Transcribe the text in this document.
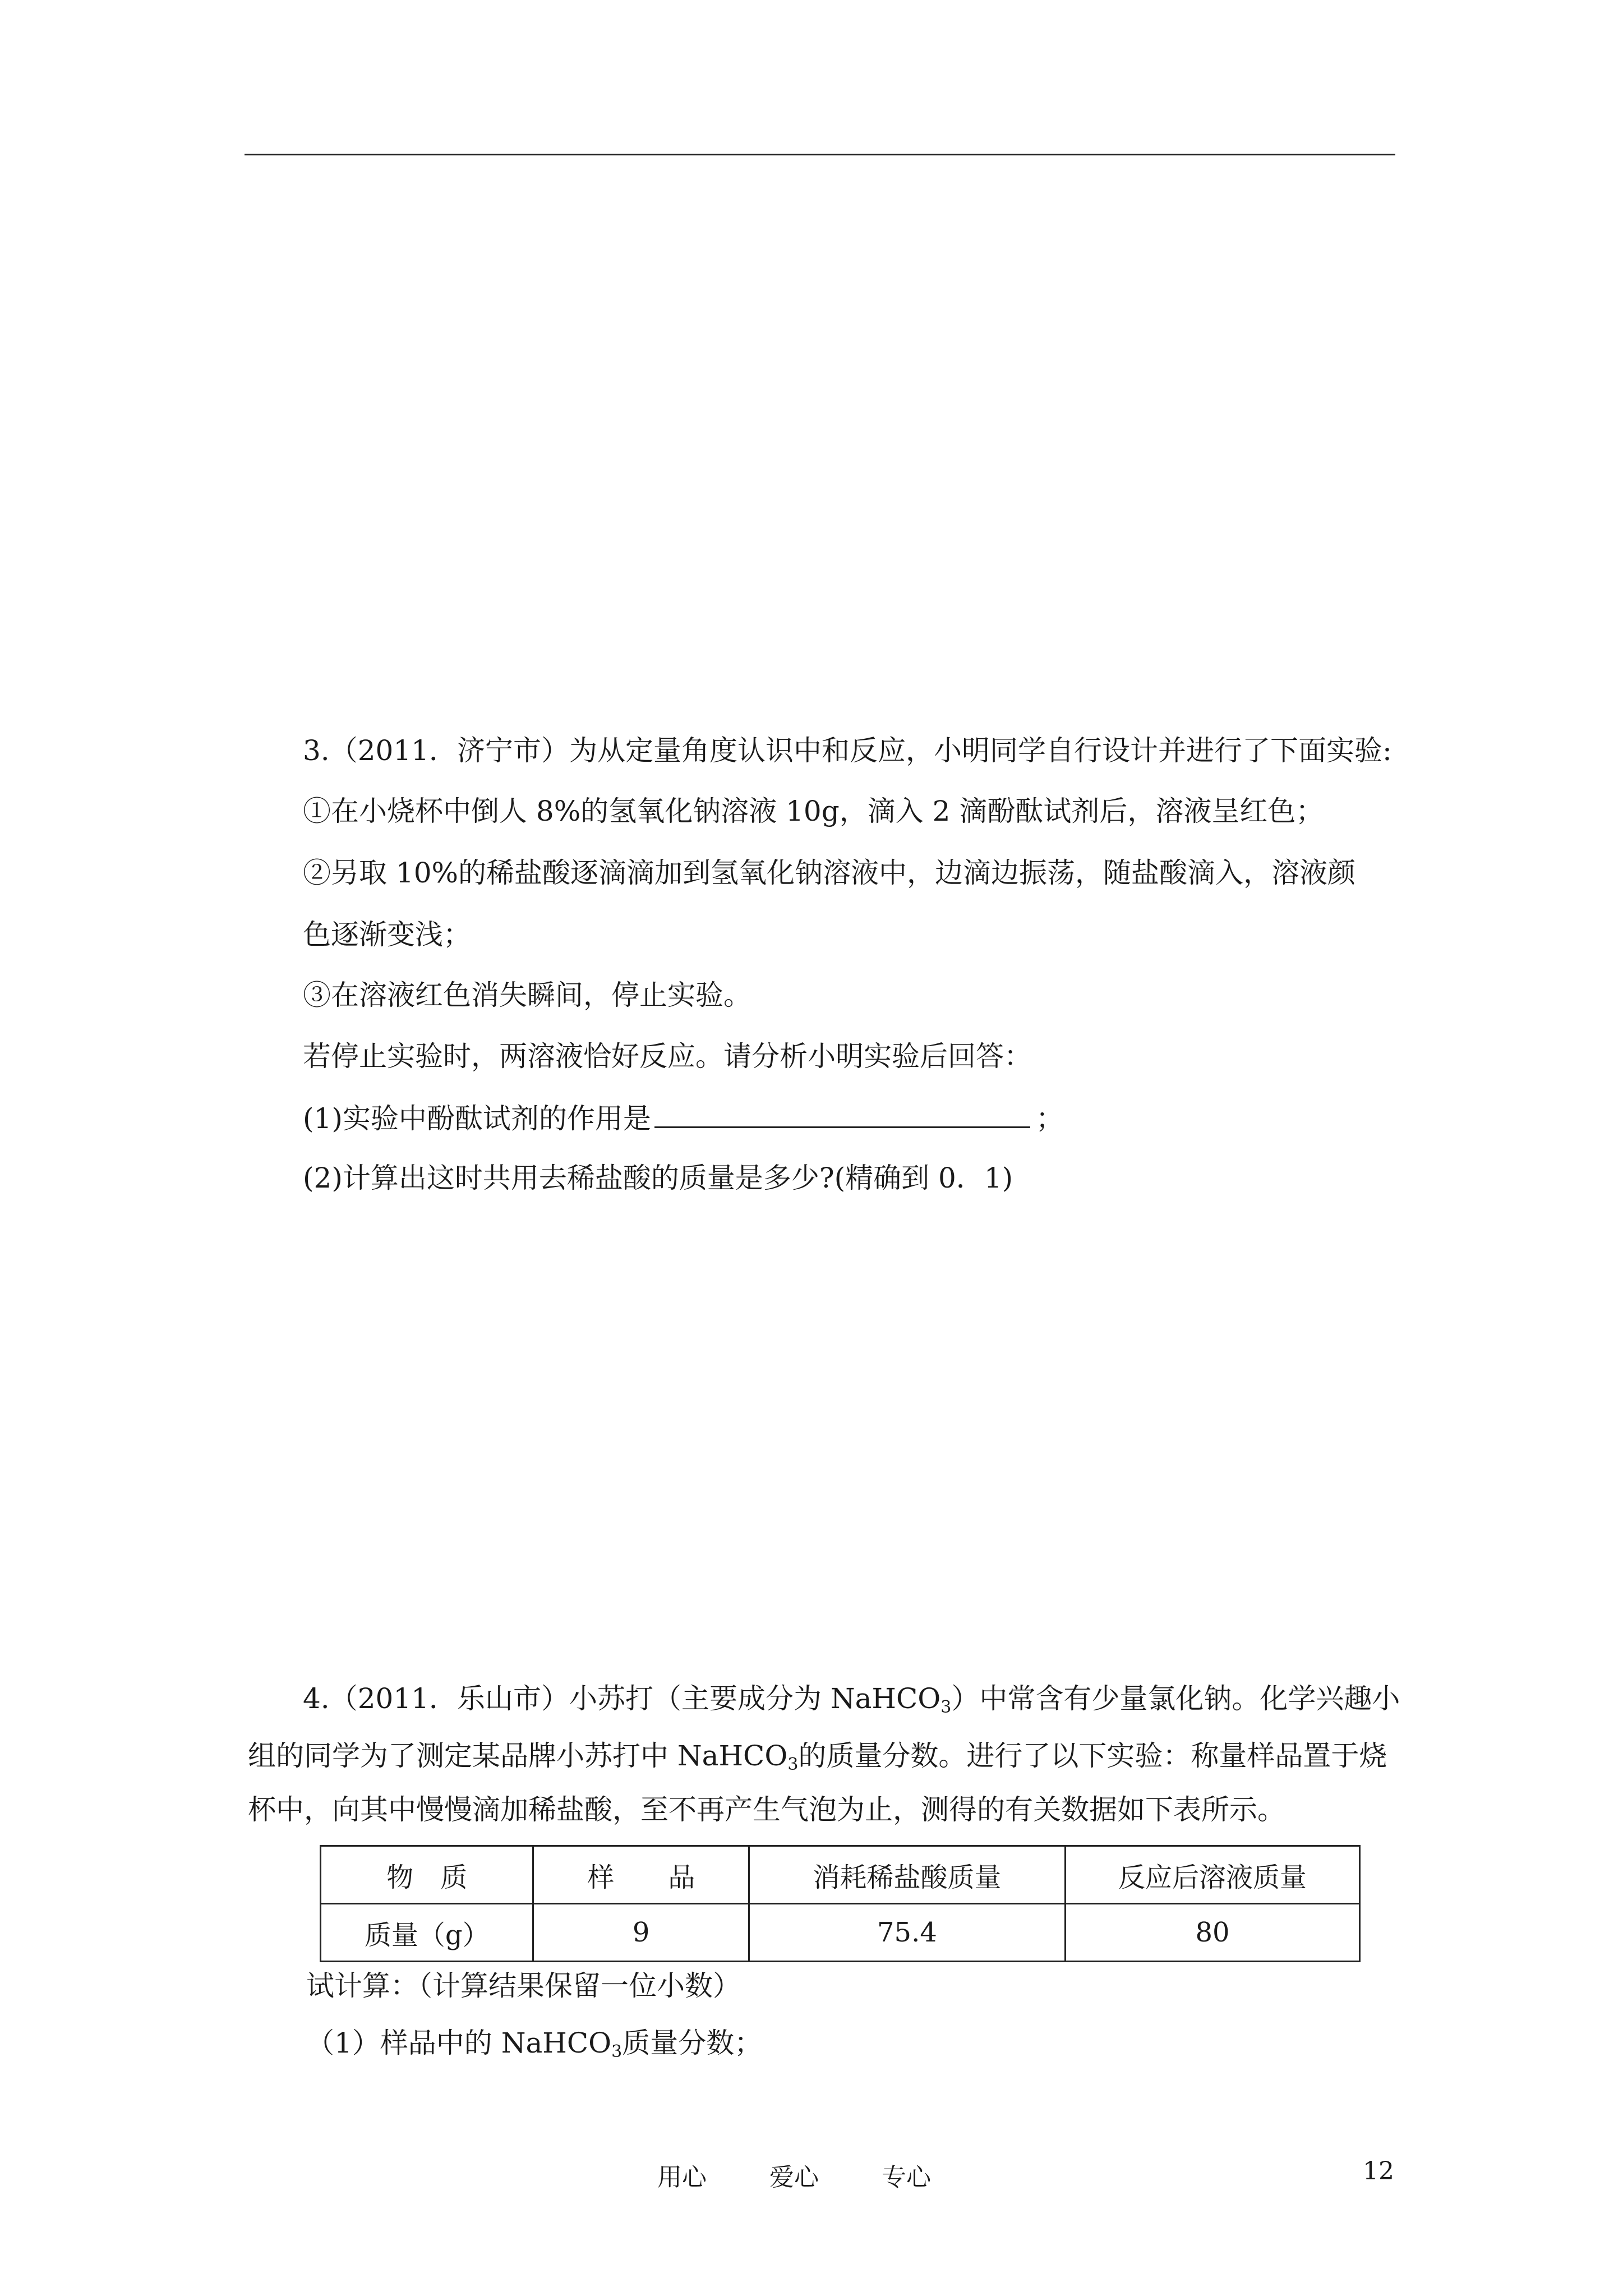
3.（2011．济宁市）为从定量角度认识中和反应，小明同学自行设计并进行了下面实验:
①在小烧杯中倒人 8%的氢氧化钠溶液 10g，滴入 2 滴酚酞试剂后，溶液呈红色；
②另取 10%的稀盐酸逐滴滴加到氢氧化钠溶液中，边滴边振荡，随盐酸滴入，溶液颜
色逐渐变浅；
③在溶液红色消失瞬间，停止实验。
若停止实验时，两溶液恰好反应。请分析小明实验后回答：
(1)实验中酚酞试剂的作用是	；
(2)计算出这时共用去稀盐酸的质量是多少?(精确到 0．1)
4.（2011．乐山市）小苏打（主要成分为 NaHCO$_3$）中常含有少量氯化钠。化学兴趣小
组的同学为了测定某品牌小苏打中 NaHCO$_3$的质量分数。进行了以下实验：称量样品置于烧
杯中，向其中慢慢滴加稀盐酸，至不再产生气泡为止，测得的有关数据如下表所示。
物　质	样　　品	消耗稀盐酸质量	反应后溶液质量
质量（g）	9	75.4	80
试计算：（计算结果保留一位小数）
（1）样品中的 NaHCO$_3$质量分数；
用心	爱心	专心	12
